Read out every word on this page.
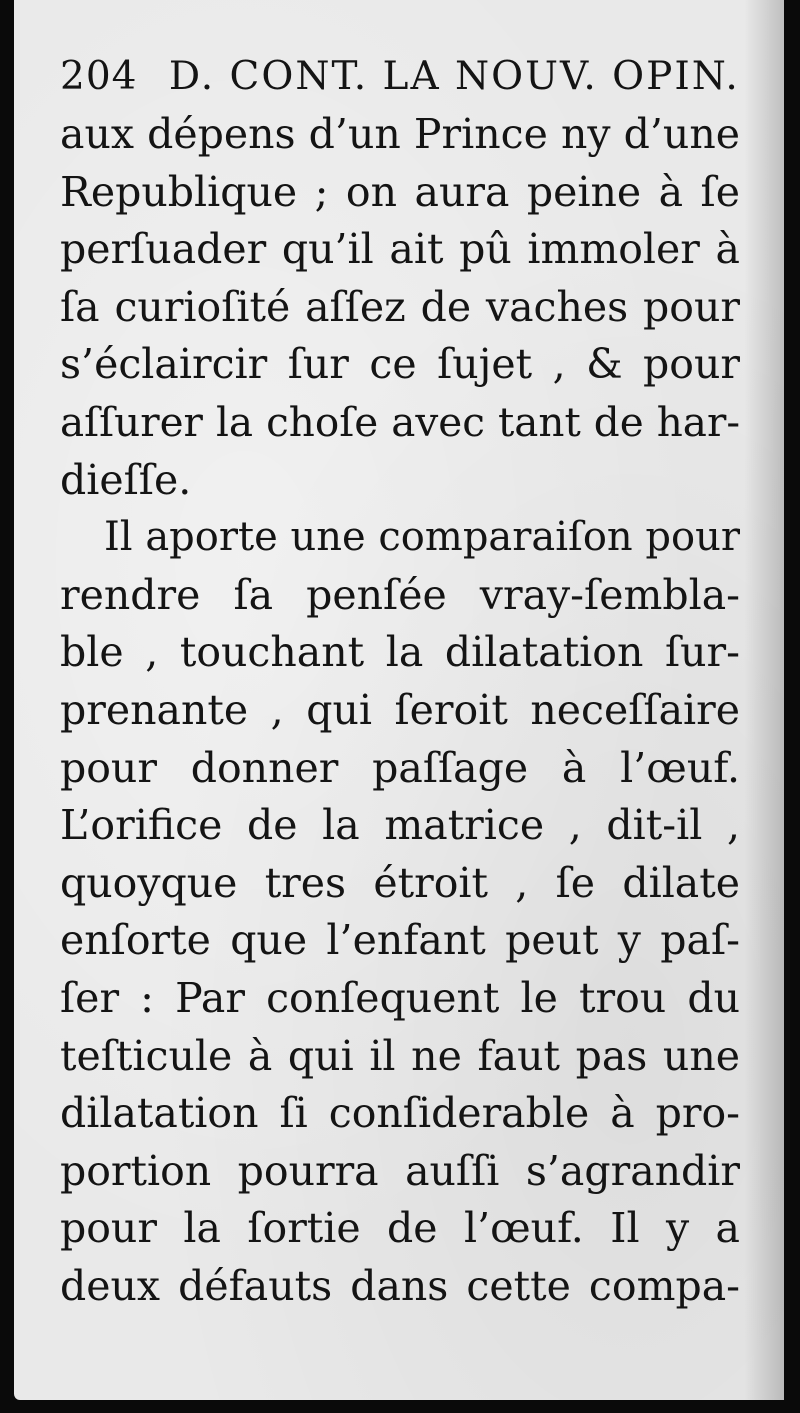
204 D. CONT. LA NOUV. OPIN.
aux dépens d’un Prince ny d’une
Republique ; on aura peine à ſe
perſuader qu’il ait pû immoler à
ſa curioſité aſſez de vaches pour
s’éclaircir ſur ce ſujet , & pour
aſſurer la choſe avec tant de har-
dieſſe.
Il aporte une comparaiſon pour
rendre ſa penſée vray-ſembla-
ble , touchant la dilatation ſur-
prenante , qui ſeroit neceſſaire
pour donner paſſage à l’œuf.
L’orifice de la matrice , dit-il ,
quoyque tres étroit , ſe dilate
enſorte que l’enfant peut y paſ-
ſer : Par conſequent le trou du
teſticule à qui il ne faut pas une
dilatation ſi conſiderable à pro-
portion pourra auſſi s’agrandir
pour la ſortie de l’œuf. Il y a
deux défauts dans cette compa-
